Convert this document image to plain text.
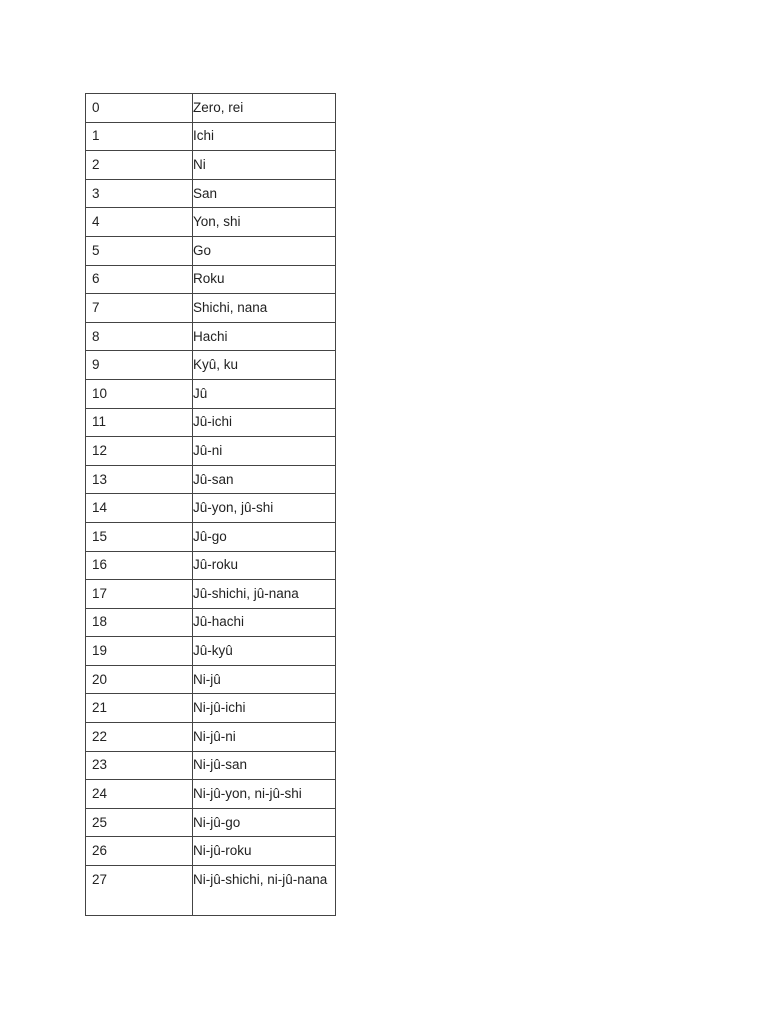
0	Zero, rei
1	Ichi
2	Ni
3	San
4	Yon, shi
5	Go
6	Roku
7	Shichi, nana
8	Hachi
9	Kyû, ku
10	Jû
11	Jû-ichi
12	Jû-ni
13	Jû-san
14	Jû-yon, jû-shi
15	Jû-go
16	Jû-roku
17	Jû-shichi, jû-nana
18	Jû-hachi
19	Jû-kyû
20	Ni-jû
21	Ni-jû-ichi
22	Ni-jû-ni
23	Ni-jû-san
24	Ni-jû-yon, ni-jû-shi
25	Ni-jû-go
26	Ni-jû-roku
27	Ni-jû-shichi, ni-jû-nana
